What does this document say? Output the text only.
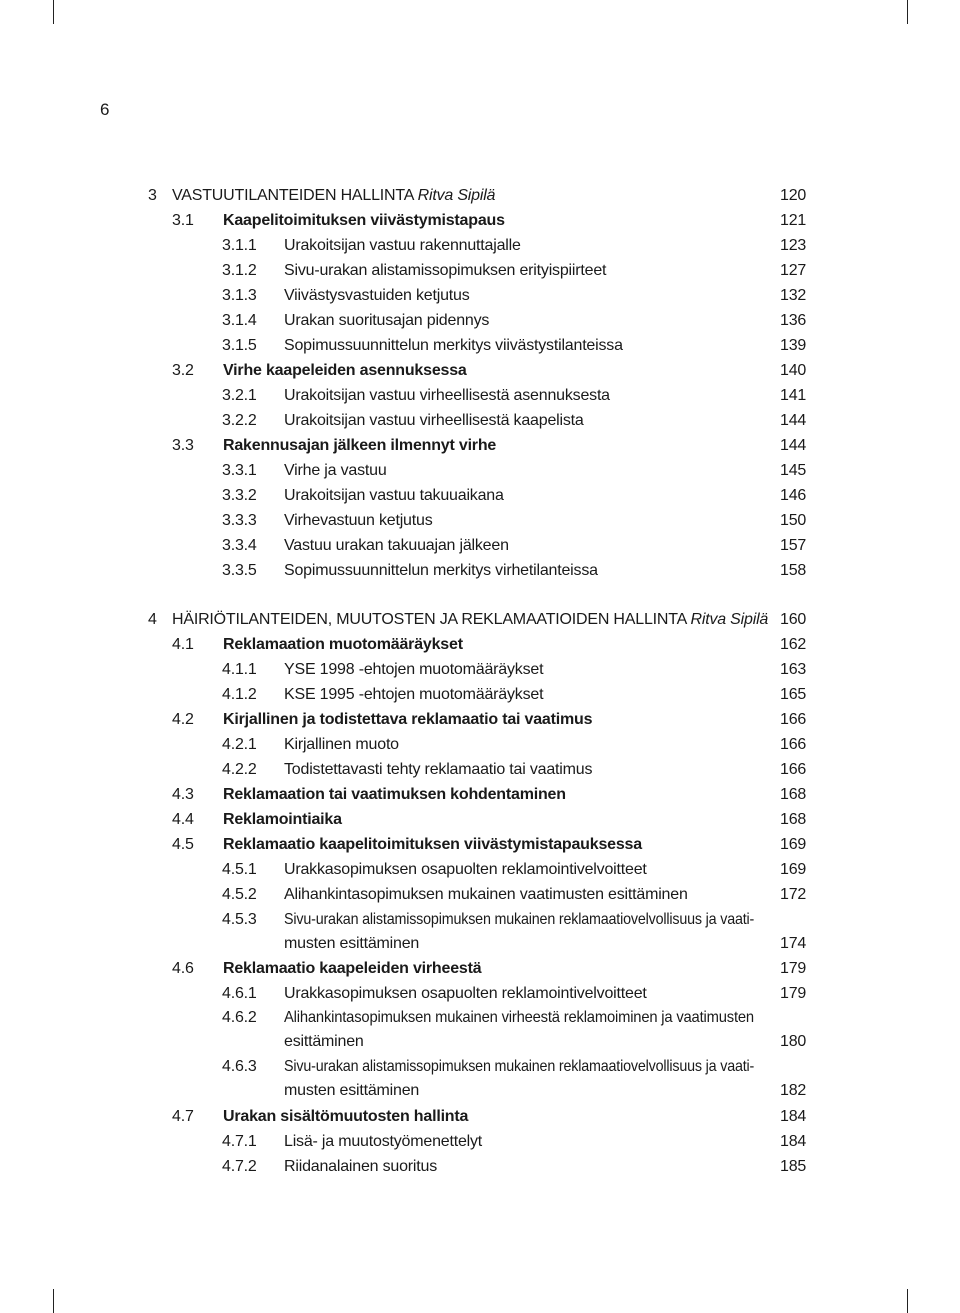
6
3 VASTUUTILANTEIDEN HALLINTA Ritva Sipilä	120
3.1 Kaapelitoimituksen viivästymistapaus	121
3.1.1 Urakoitsijan vastuu rakennuttajalle	123
3.1.2 Sivu-urakan alistamissopimuksen erityispiirteet	127
3.1.3 Viivästysvastuiden ketjutus	132
3.1.4 Urakan suoritusajan pidennys	136
3.1.5 Sopimussuunnittelun merkitys viivästystilanteissa	139
3.2 Virhe kaapeleiden asennuksessa	140
3.2.1 Urakoitsijan vastuu virheellisestä asennuksesta	141
3.2.2 Urakoitsijan vastuu virheellisestä kaapelista	144
3.3 Rakennusajan jälkeen ilmennyt virhe	144
3.3.1 Virhe ja vastuu	145
3.3.2 Urakoitsijan vastuu takuuaikana	146
3.3.3 Virhevastuun ketjutus	150
3.3.4 Vastuu urakan takuuajan jälkeen	157
3.3.5 Sopimussuunnittelun merkitys virhetilanteissa	158
4 HÄIRIÖTILANTEIDEN, MUUTOSTEN JA REKLAMAATIOIDEN HALLINTA Ritva Sipilä 160
4.1 Reklamaation muotomääräykset	162
4.1.1 YSE 1998 -ehtojen muotomääräykset	163
4.1.2 KSE 1995 -ehtojen muotomääräykset	165
4.2 Kirjallinen ja todistettava reklamaatio tai vaatimus	166
4.2.1 Kirjallinen muoto	166
4.2.2 Todistettavasti tehty reklamaatio tai vaatimus	166
4.3 Reklamaation tai vaatimuksen kohdentaminen	168
4.4 Reklamointiaika	168
4.5 Reklamaatio kaapelitoimituksen viivästymistapauksessa	169
4.5.1 Urakkasopimuksen osapuolten reklamointivelvoitteet	169
4.5.2 Alihankintasopimuksen mukainen vaatimusten esittäminen	172
4.5.3 Sivu-urakan alistamissopimuksen mukainen reklamaatiovelvollisuus ja vaati-
musten esittäminen	174
4.6 Reklamaatio kaapeleiden virheestä	179
4.6.1 Urakkasopimuksen osapuolten reklamointivelvoitteet	179
4.6.2 Alihankintasopimuksen mukainen virheestä reklamoiminen ja vaatimusten
esittäminen	180
4.6.3 Sivu-urakan alistamissopimuksen mukainen reklamaatiovelvollisuus ja vaati-
musten esittäminen	182
4.7 Urakan sisältömuutosten hallinta	184
4.7.1 Lisä- ja muutostyömenettelyt	184
4.7.2 Riidanalainen suoritus	185
